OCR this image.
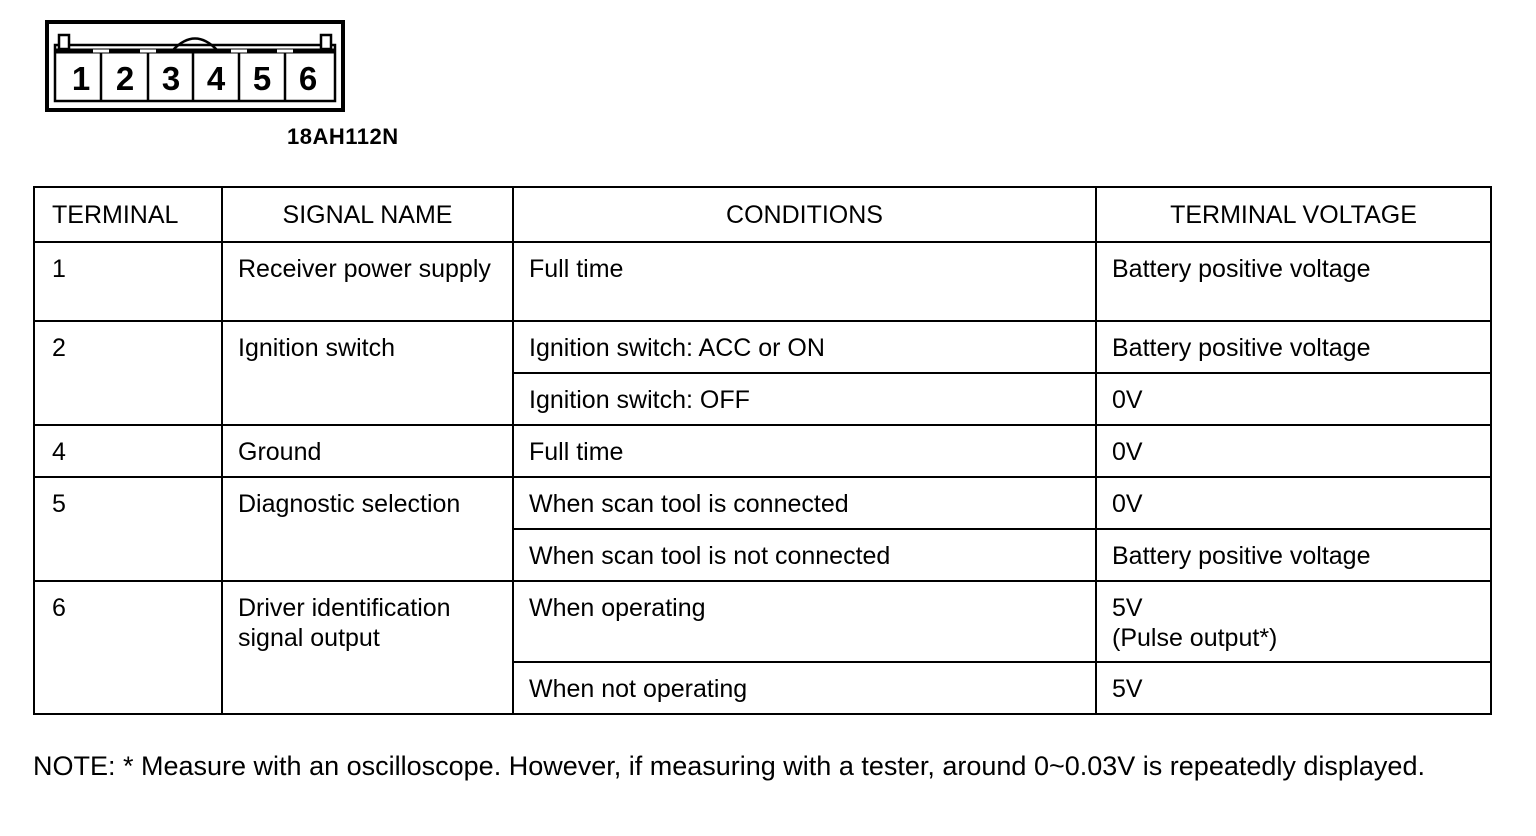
1 2 3 4 5 6
18AH112N
TERMINAL	SIGNAL NAME	CONDITIONS	TERMINAL VOLTAGE
1	Receiver power supply	Full time	Battery positive voltage
2	Ignition switch	Ignition switch: ACC or ON	Battery positive voltage
		Ignition switch: OFF	0V
4	Ground	Full time	0V
5	Diagnostic selection	When scan tool is connected	0V
		When scan tool is not connected	Battery positive voltage
6	Driver identification signal output	When operating	5V
(Pulse output*)

		When not operating	5V
NOTE: * Measure with an oscilloscope. However, if measuring with a tester, around 0~0.03V is repeatedly displayed.
